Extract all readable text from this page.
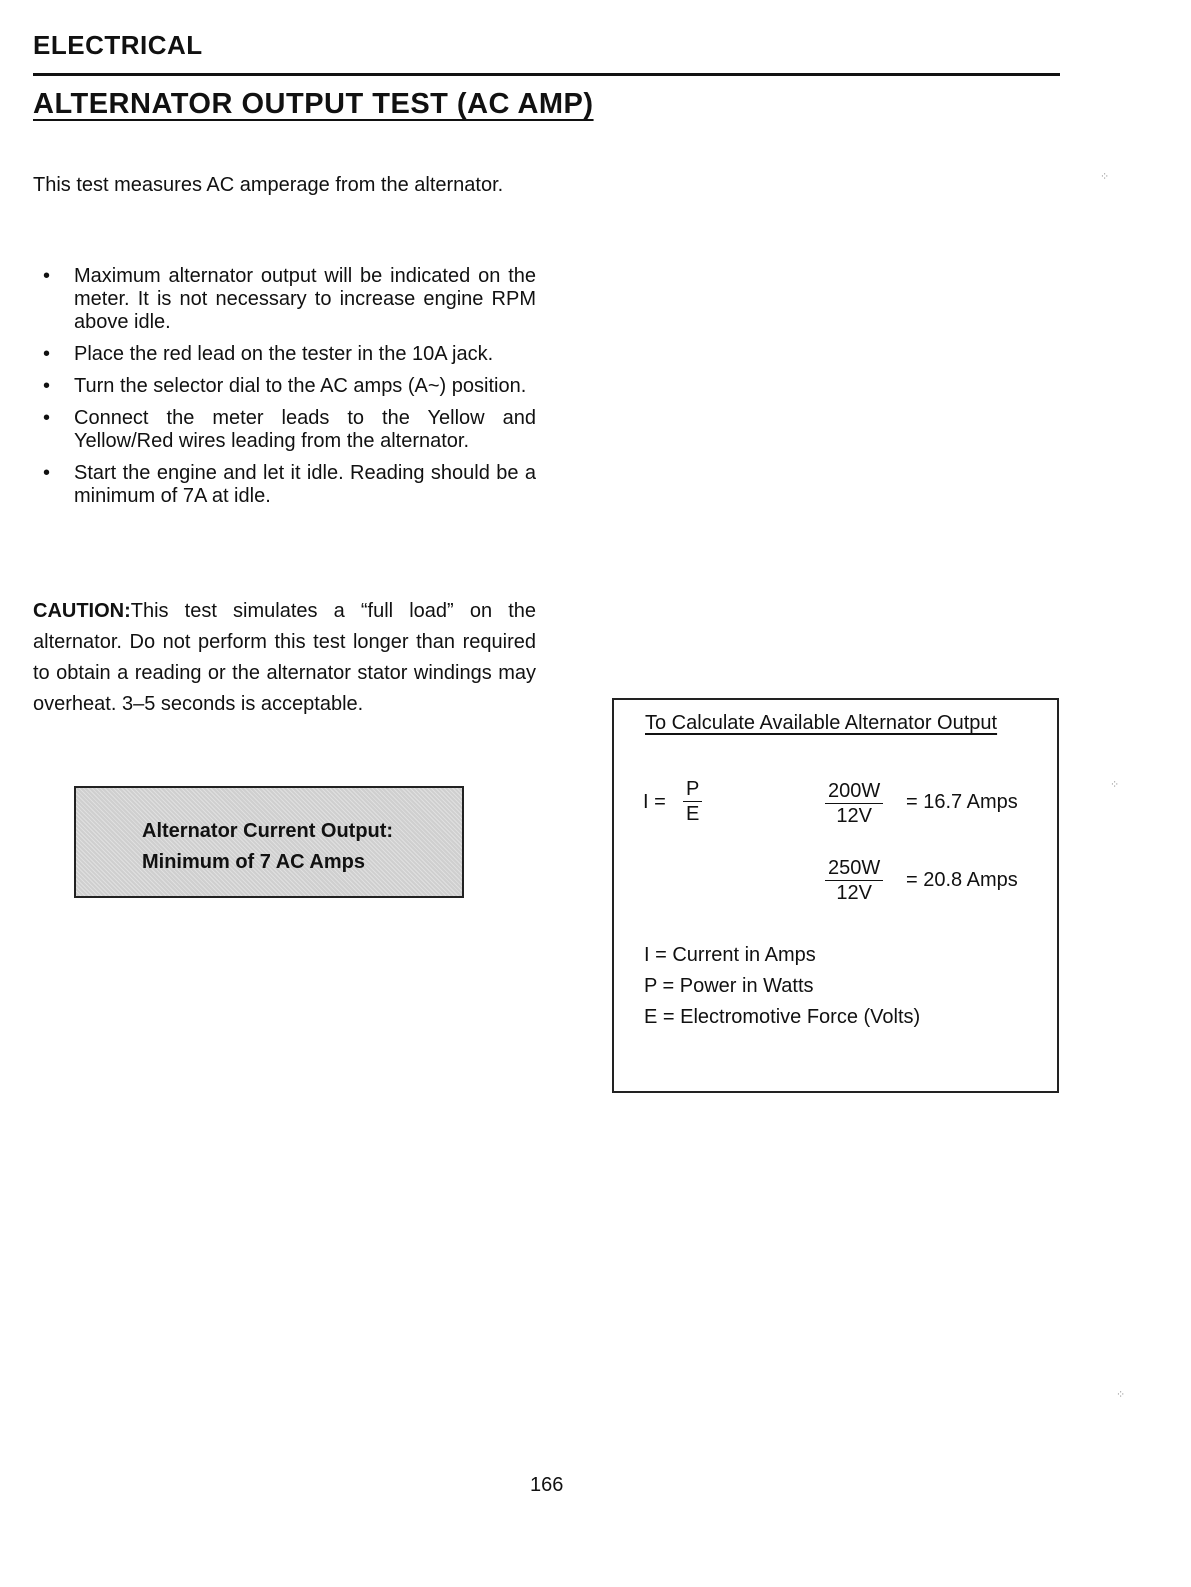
ELECTRICAL
ALTERNATOR OUTPUT TEST (AC AMP)

This test measures AC amperage from the alternator.

• Maximum alternator output will be indicated on the meter. It is not necessary to increase engine RPM above idle.
• Place the red lead on the tester in the 10A jack.
• Turn the selector dial to the AC amps (A~) position.
• Connect the meter leads to the Yellow and Yellow/Red wires leading from the alternator.
• Start the engine and let it idle. Reading should be a minimum of 7A at idle.

CAUTION:This test simulates a “full load” on the alternator. Do not perform this test longer than required to obtain a reading or the alternator stator windings may overheat. 3–5 seconds is acceptable.

Alternator Current Output:
Minimum of 7 AC Amps
To Calculate Available Alternator Output
$I = \frac{P}{E}$	$\frac{200W}{12V} = 16.7$ Amps
$\frac{250W}{12V} = 20.8$ Amps
I = Current in Amps
P = Power in Watts
E = Electromotive Force (Volts)
166
⁘
⁘
⁘
